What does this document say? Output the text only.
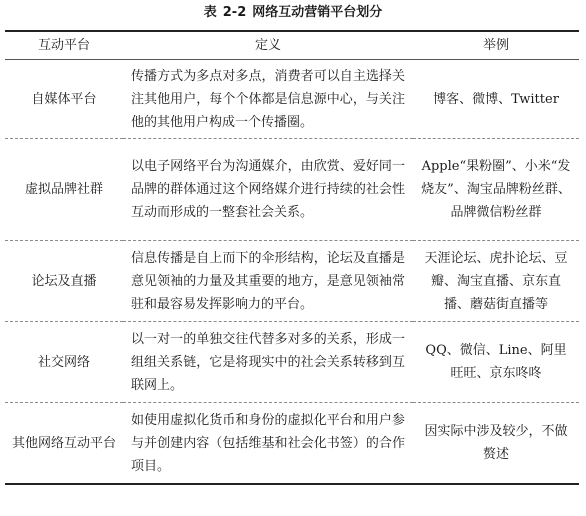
表 2-2 网络互动营销平台划分
互动平台	定义	举例
自媒体平台	传播方式为多点对多点，消费者可以自主选择关注其他用户，每个个体都是信息源中心，与关注他的其他用户构成一个传播圈。	博客、微博、Twitter
虚拟品牌社群	以电子网络平台为沟通媒介，由欣赏、爱好同一品牌的群体通过这个网络媒介进行持续的社会性互动而形成的一整套社会关系。	Apple“果粉圈”、小米“发烧友”、淘宝品牌粉丝群、品牌微信粉丝群
论坛及直播	信息传播是自上而下的伞形结构，论坛及直播是意见领袖的力量及其重要的地方，是意见领袖常驻和最容易发挥影响力的平台。	天涯论坛、虎扑论坛、豆瓣、淘宝直播、京东直播、蘑菇街直播等
社交网络	以一对一的单独交往代替多对多的关系，形成一组组关系链，它是将现实中的社会关系转移到互联网上。	QQ、微信、Line、阿里旺旺、京东咚咚
其他网络互动平台	如使用虚拟化货币和身份的虚拟化平台和用户参与并创建内容（包括维基和社会化书签）的合作项目。	因实际中涉及较少，不做赘述
